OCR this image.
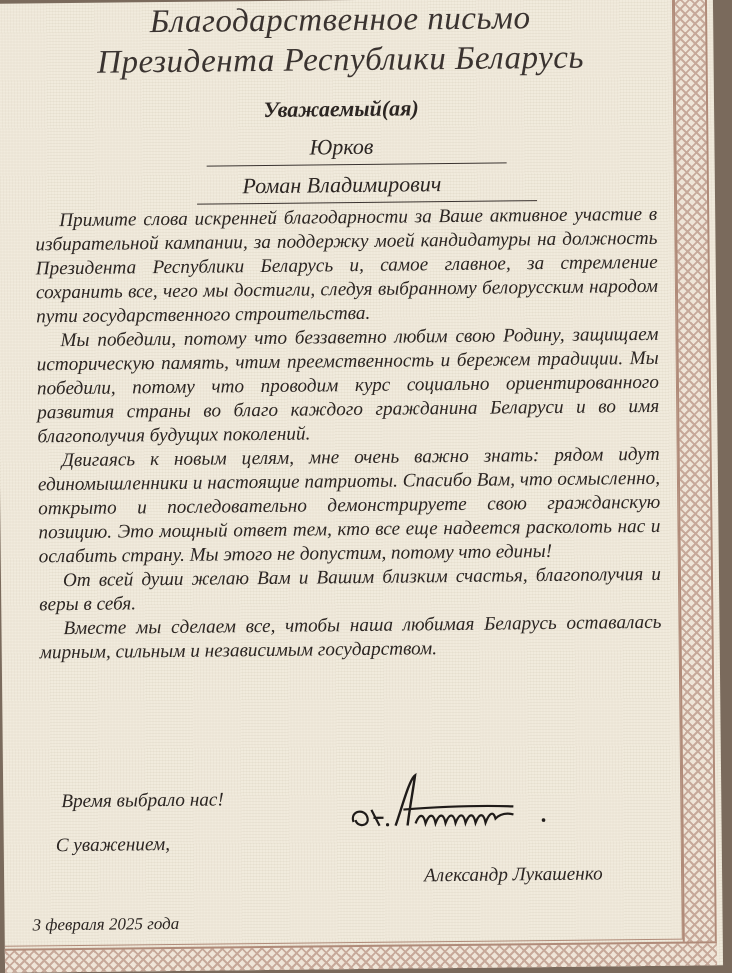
Благодарственное письмо
Президента Республики Беларусь
Уважаемый(ая)
Юрков
Роман Владимирович

Примите слова искренней благодарности за Ваше активное участие в избирательной кампании, за поддержку моей кандидатуры на должность Президента Республики Беларусь и, самое главное, за стремление сохранить все, чего мы достигли, следуя выбранному белорусским народом пути государственного строительства.

Мы победили, потому что беззаветно любим свою Родину, защищаем историческую память, чтим преемственность и бережем традиции. Мы победили, потому что проводим курс социально ориентированного развития страны во благо каждого гражданина Беларуси и во имя благополучия будущих поколений.

Двигаясь к новым целям, мне очень важно знать: рядом идут единомышленники и настоящие патриоты. Спасибо Вам, что осмысленно, открыто и последовательно демонстрируете свою гражданскую позицию. Это мощный ответ тем, кто все еще надеется расколоть нас и ослабить страну. Мы этого не допустим, потому что едины!

От всей души желаю Вам и Вашим близким счастья, благополучия и веры в себя.

Вместе мы сделаем все, чтобы наша любимая Беларусь оставалась мирным, сильным и независимым государством.

Время выбрало нас!
С уважением,
Александр Лукашенко
3 февраля 2025 года
